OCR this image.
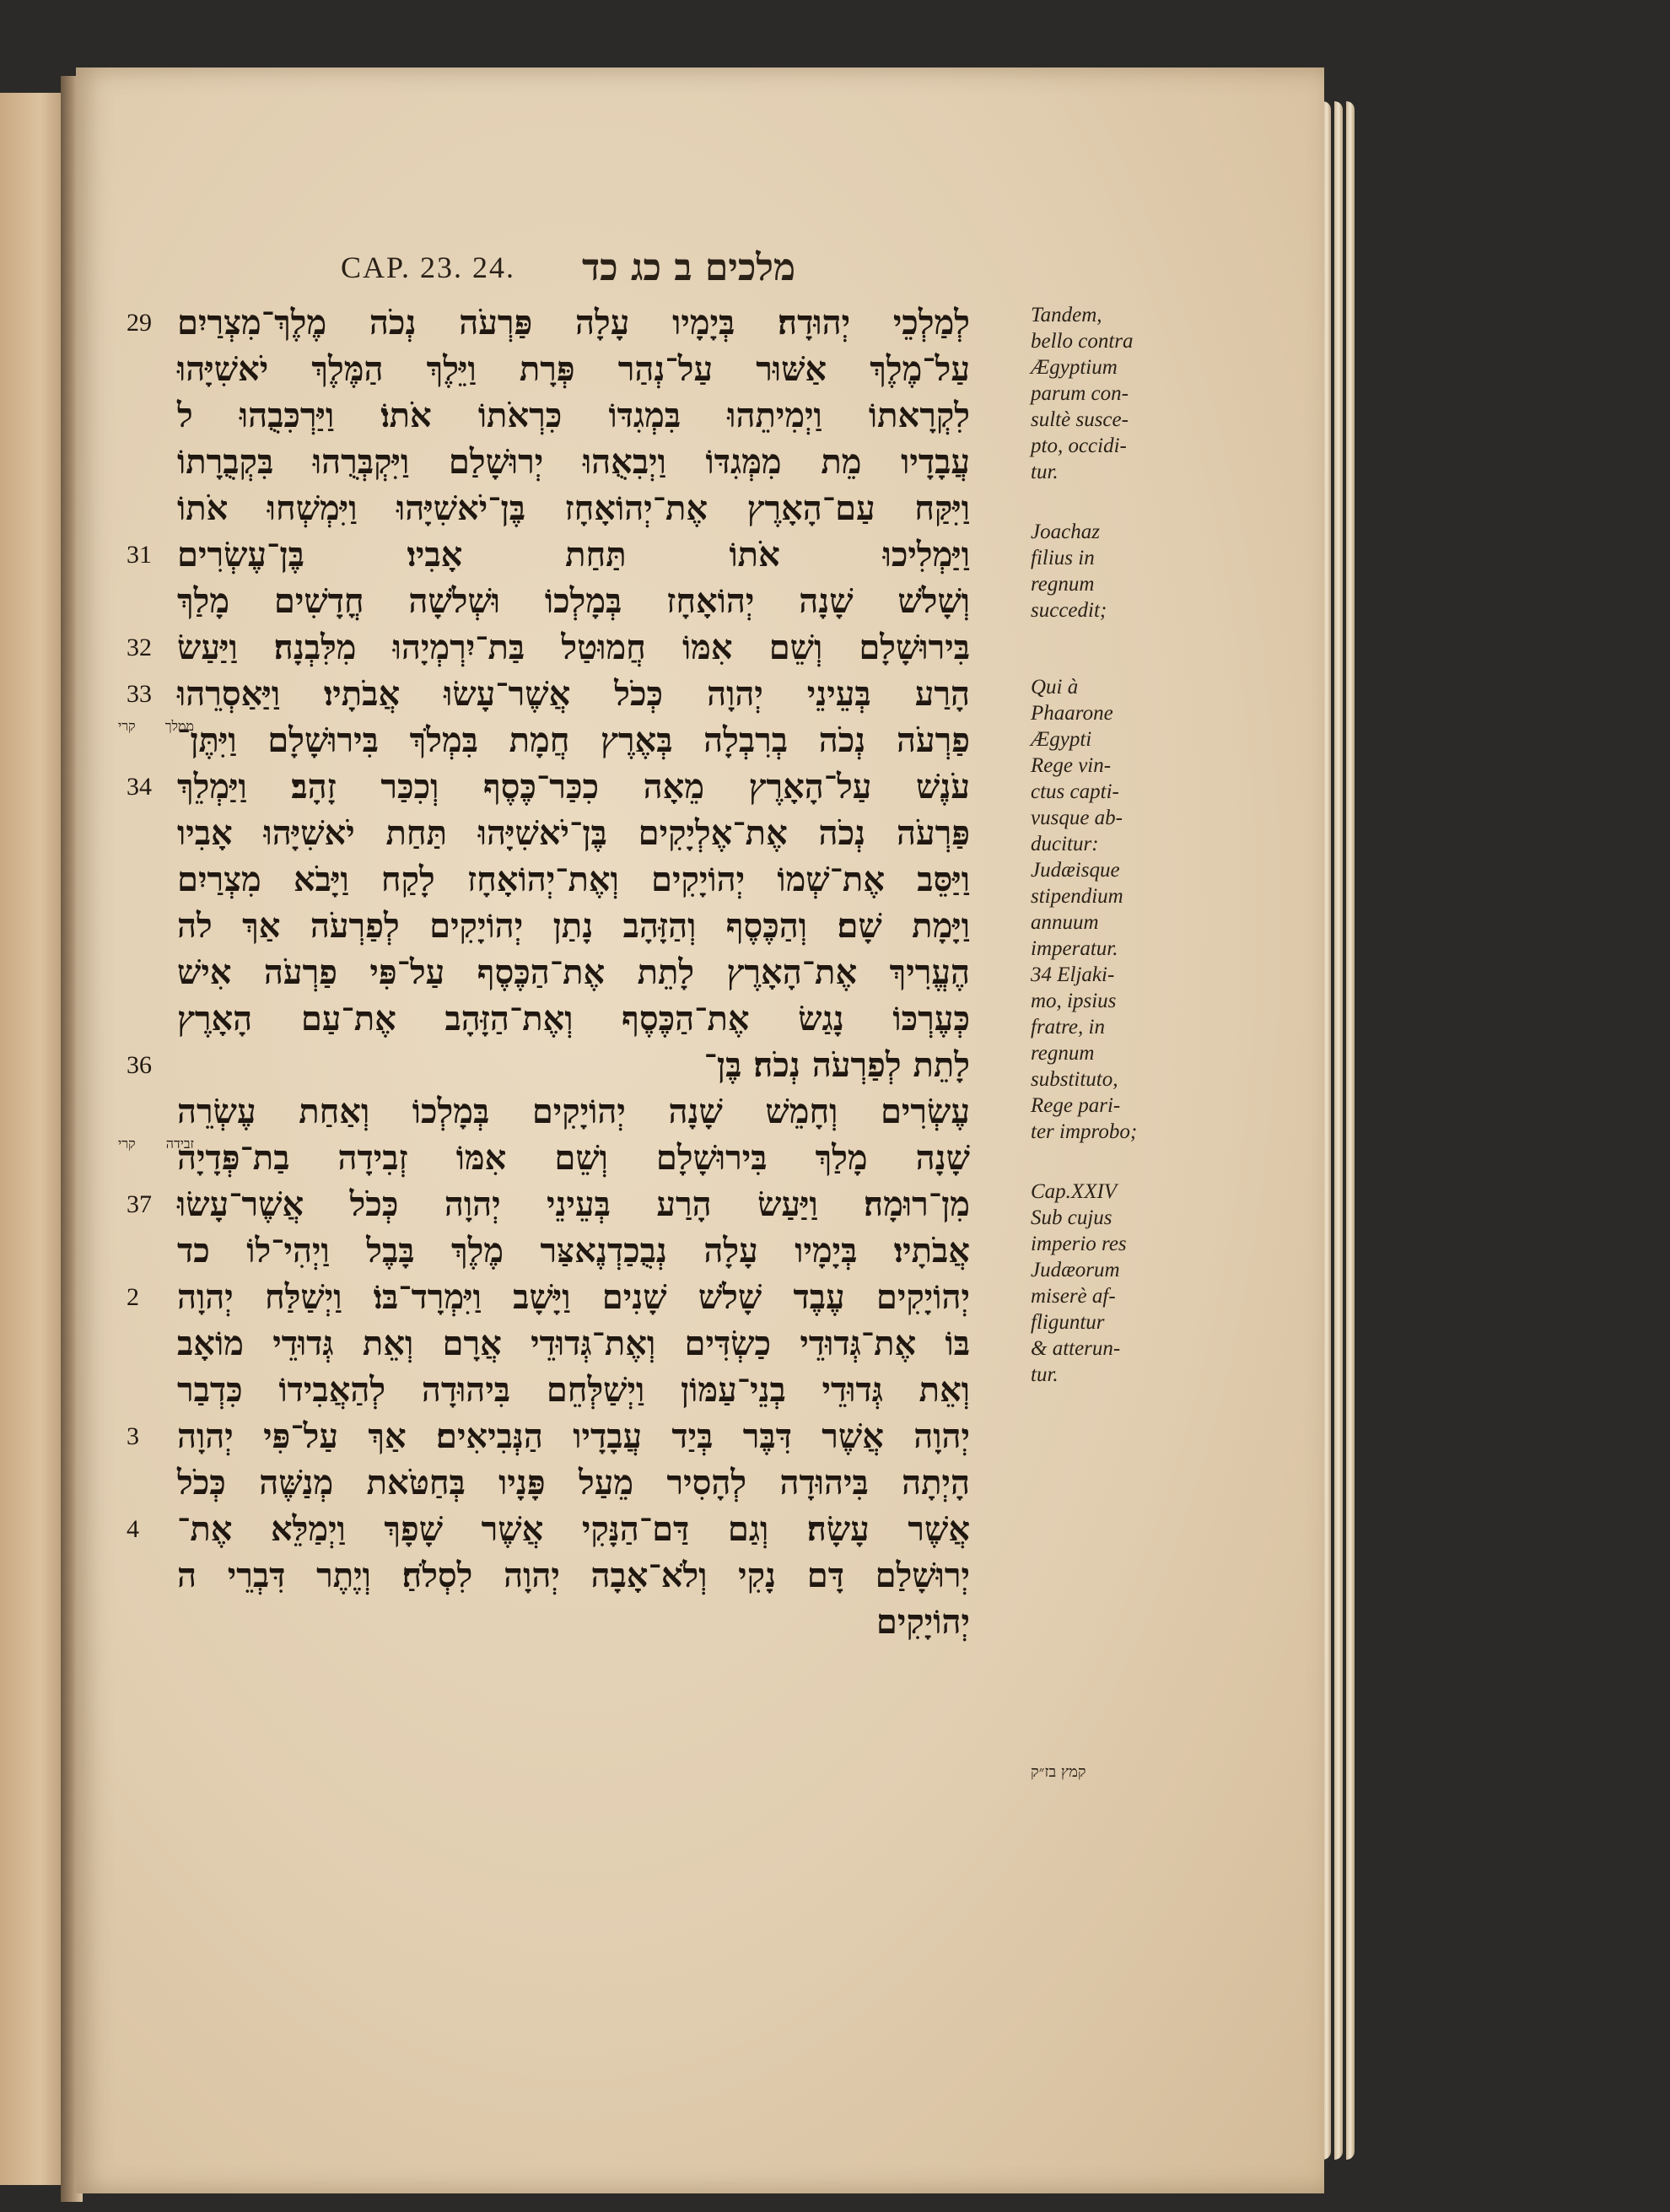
CAP. 23. 24. מלכים ב כג כד
לְמַלְכֵי יְהוּדָה׃ בְּיָמָיו עָלָה פַּרְעֹה נְכֹה מֶלֶךְ־מִצְרַיִם
29
עַל־מֶלֶךְ אַשּׁוּר עַל־נְהַר פְּרָת וַיֵּלֶךְ הַמֶּלֶךְ יֹאשִׁיָּהוּ
לִקְרָאתוֹ וַיְמִיתֵהוּ בִּמְגִדּוֹ כִּרְאֹתוֹ אֹתוֹ׃ וַיַּרְכִּבֻהוּ ל
עֲבָדָיו מֵת מִמְּגִדּוֹ וַיְבִאֻהוּ יְרוּשָׁלַם וַיִּקְבְּרֻהוּ בִּקְבֻרָתוֹ
וַיִּקַּח עַם־הָאָרֶץ אֶת־יְהוֹאָחָז בֶּן־יֹאשִׁיָּהוּ וַיִּמְשְׁחוּ אֹתוֹ
וַיַּמְלִיכוּ אֹתוֹ תַּחַת אָבִיו׃ בֶּן־עֶשְׂרִים
31
וְשָׁלֹשׁ שָׁנָה יְהוֹאָחָז בְּמָלְכוֹ וּשְׁלֹשָׁה חֳדָשִׁים מָלַךְ
בִּירוּשָׁלָם וְשֵׁם אִמּוֹ חֲמוּטַל בַּת־יִרְמְיָהוּ מִלִּבְנָה׃ וַיַּעַשׂ
32
הָרַע בְּעֵינֵי יְהוָה כְּכֹל אֲשֶׁר־עָשׂוּ אֲבֹתָיו׃ וַיַּאַסְרֵהוּ
33
פַרְעֹה נְכֹה בְרִבְלָה בְּאֶרֶץ חֲמָת בִּמְלֹךְ בִּירוּשָׁלָם וַיִּתֶּן־
ממלך קרי
עֹנֶשׁ עַל־הָאָרֶץ מֵאָה כִכַּר־כֶּסֶף וְכִכַּר זָהָב׃ וַיַּמְלֵךְ
34
פַּרְעֹה נְכֹה אֶת־אֶלְיָקִים בֶּן־יֹאשִׁיָּהוּ תַּחַת יֹאשִׁיָּהוּ אָבִיו
וַיַּסֵּב אֶת־שְׁמוֹ יְהוֹיָקִים וְאֶת־יְהוֹאָחָז לָקַח וַיָּבֹא מִצְרַיִם
וַיָּמָת שָׁם׃ וְהַכֶּסֶף וְהַזָּהָב נָתַן יְהוֹיָקִים לְפַרְעֹה אַךְ לה
הֶעֱרִיךְ אֶת־הָאָרֶץ לָתֵת אֶת־הַכֶּסֶף עַל־פִּי פַרְעֹה אִישׁ
כְּעֶרְכּוֹ נָגַשׂ אֶת־הַכֶּסֶף וְאֶת־הַזָּהָב אֶת־עַם הָאָרֶץ
לָתֵת לְפַרְעֹה נְכֹה׃ בֶּן־
36
עֶשְׂרִים וְחָמֵשׁ שָׁנָה יְהוֹיָקִים בְּמָלְכוֹ וְאַחַת עֶשְׂרֵה
שָׁנָה מָלַךְ בִּירוּשָׁלָם וְשֵׁם אִמּוֹ זְבִידָה בַת־פְּדָיָה
זבידה קרי
מִן־רוּמָה׃ וַיַּעַשׂ הָרַע בְּעֵינֵי יְהוָה כְּכֹל אֲשֶׁר־עָשׂוּ
37
אֲבֹתָיו׃ בְּיָמָיו עָלָה נְבֻכַדְנֶאצַּר מֶלֶךְ בָּבֶל וַיְהִי־לוֹ כד
יְהוֹיָקִים עֶבֶד שָׁלֹשׁ שָׁנִים וַיָּשָׁב וַיִּמְרָד־בּוֹ׃ וַיְשַׁלַּח יְהוָה
2
בּוֹ אֶת־גְּדוּדֵי כַשְׂדִּים וְאֶת־גְּדוּדֵי אֲרָם וְאֵת גְּדוּדֵי מוֹאָב
וְאֵת גְּדוּדֵי בְנֵי־עַמּוֹן וַיְשַׁלְּחֵם בִּיהוּדָה לְהַאֲבִידוֹ כִּדְבַר
יְהוָה אֲשֶׁר דִּבֶּר בְּיַד עֲבָדָיו הַנְּבִיאִים׃ אַךְ עַל־פִּי יְהוָה
3
הָיְתָה בִּיהוּדָה לְהָסִיר מֵעַל פָּנָיו בְּחַטֹּאת מְנַשֶּׁה כְּכֹל
אֲשֶׁר עָשָׂה׃ וְגַם דַּם־הַנָּקִי אֲשֶׁר שָׁפָךְ וַיְמַלֵּא אֶת־
4
יְרוּשָׁלַם דָּם נָקִי וְלֹא־אָבָה יְהוָה לִסְלֹחַ׃ וְיֶתֶר דִּבְרֵי ה
יְהוֹיָקִים
Tandem,
bello contra
Ægyptium
parum con-
sultè susce-
pto, occidi-
tur.
Joachaz
filius in
regnum
succedit;
Qui à
Phaarone
Ægypti
Rege vin-
ctus capti-
vusque ab-
ducitur:
Judæisque
stipendium
annuum
imperatur.
34 Eljaki-
mo, ipsius
fratre, in
regnum
substituto,
Rege pari-
ter improbo;
Cap.XXIV
Sub cujus
imperio res
Judæorum
miserè af-
fliguntur
& atterun-
tur.
קמץ בז״ק
